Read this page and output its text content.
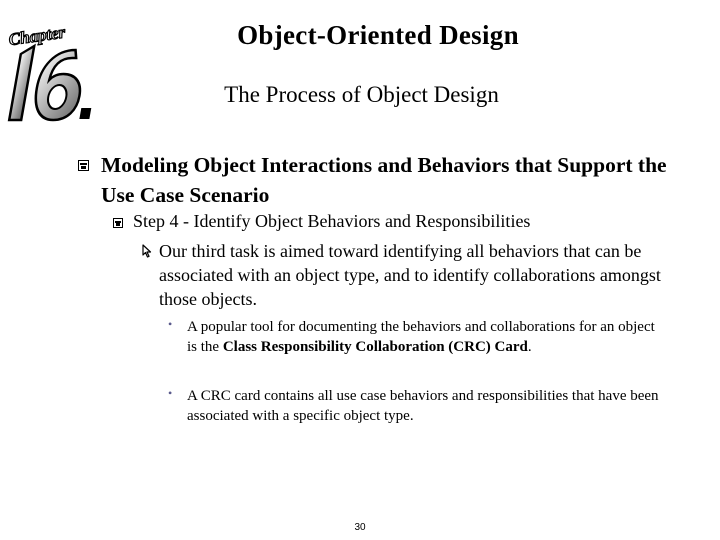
Chapter	Object-Oriented Design
The Process of Object Design
Modeling Object Interactions and Behaviors that Support the Use Case Scenario
Step 4 - Identify Object Behaviors and Responsibilities
Our third task is aimed toward identifying all behaviors that can be associated with an object type, and to identify collaborations amongst those objects.
• A popular tool for documenting the behaviors and collaborations for an object is the Class Responsibility Collaboration (CRC) Card.
• A CRC card contains all use case behaviors and responsibilities that have been associated with a specific object type.
30
